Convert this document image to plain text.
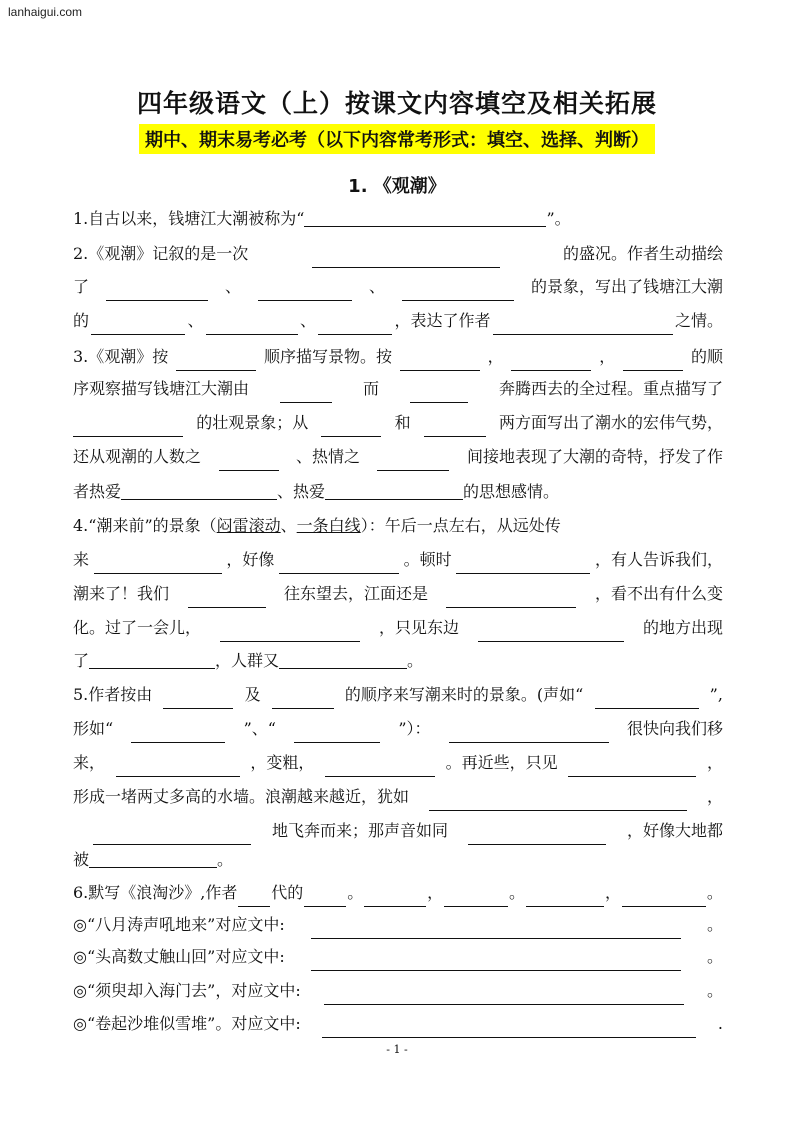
lanhaigui.com
四年级语文（上）按课文内容填空及相关拓展
期中、期末易考必考（以下内容常考形式：填空、选择、判断）
1. 《观潮》
1.自古以来，钱塘江大潮被称为“	”。
2.《观潮》记叙的是一次	的盛况。作者生动描绘
了	、	、	的景象，写出了钱塘江大潮
的	、	、	，表达了作者	之情。
3.《观潮》按	顺序描写景物。按	，	，	的顺
序观察描写钱塘江大潮由	而	奔腾西去的全过程。重点描写了
的壮观景象；从	和	两方面写出了潮水的宏伟气势，
还从观潮的人数之	、热情之	间接地表现了大潮的奇特，抒发了作
者热爱	、热爱	的思想感情。
4.“潮来前”的景象（闷雷滚动、一条白线）：午后一点左右，从远处传
来	，好像	。顿时	，有人告诉我们，
潮来了！我们	往东望去，江面还是	，看不出有什么变
化。过了一会儿，	，只见东边	的地方出现
了	，人群又	。
5.作者按由	及	的顺序来写潮来时的景象。(声如“	”,
形如“	”、“	”）：	很快向我们移
来，	，变粗，	。再近些，只见	，
形成一堵两丈多高的水墙。浪潮越来越近，犹如	，
地飞奔而来；那声音如同	，好像大地都
被	。
6.默写《浪淘沙》,作者 代的	。	，	。	，	。
◎“八月涛声吼地来”对应文中:	。
◎“头高数丈触山回”对应文中:	。
◎“须臾却入海门去”，对应文中:	。
◎“卷起沙堆似雪堆”。对应文中:	.
- 1 -
